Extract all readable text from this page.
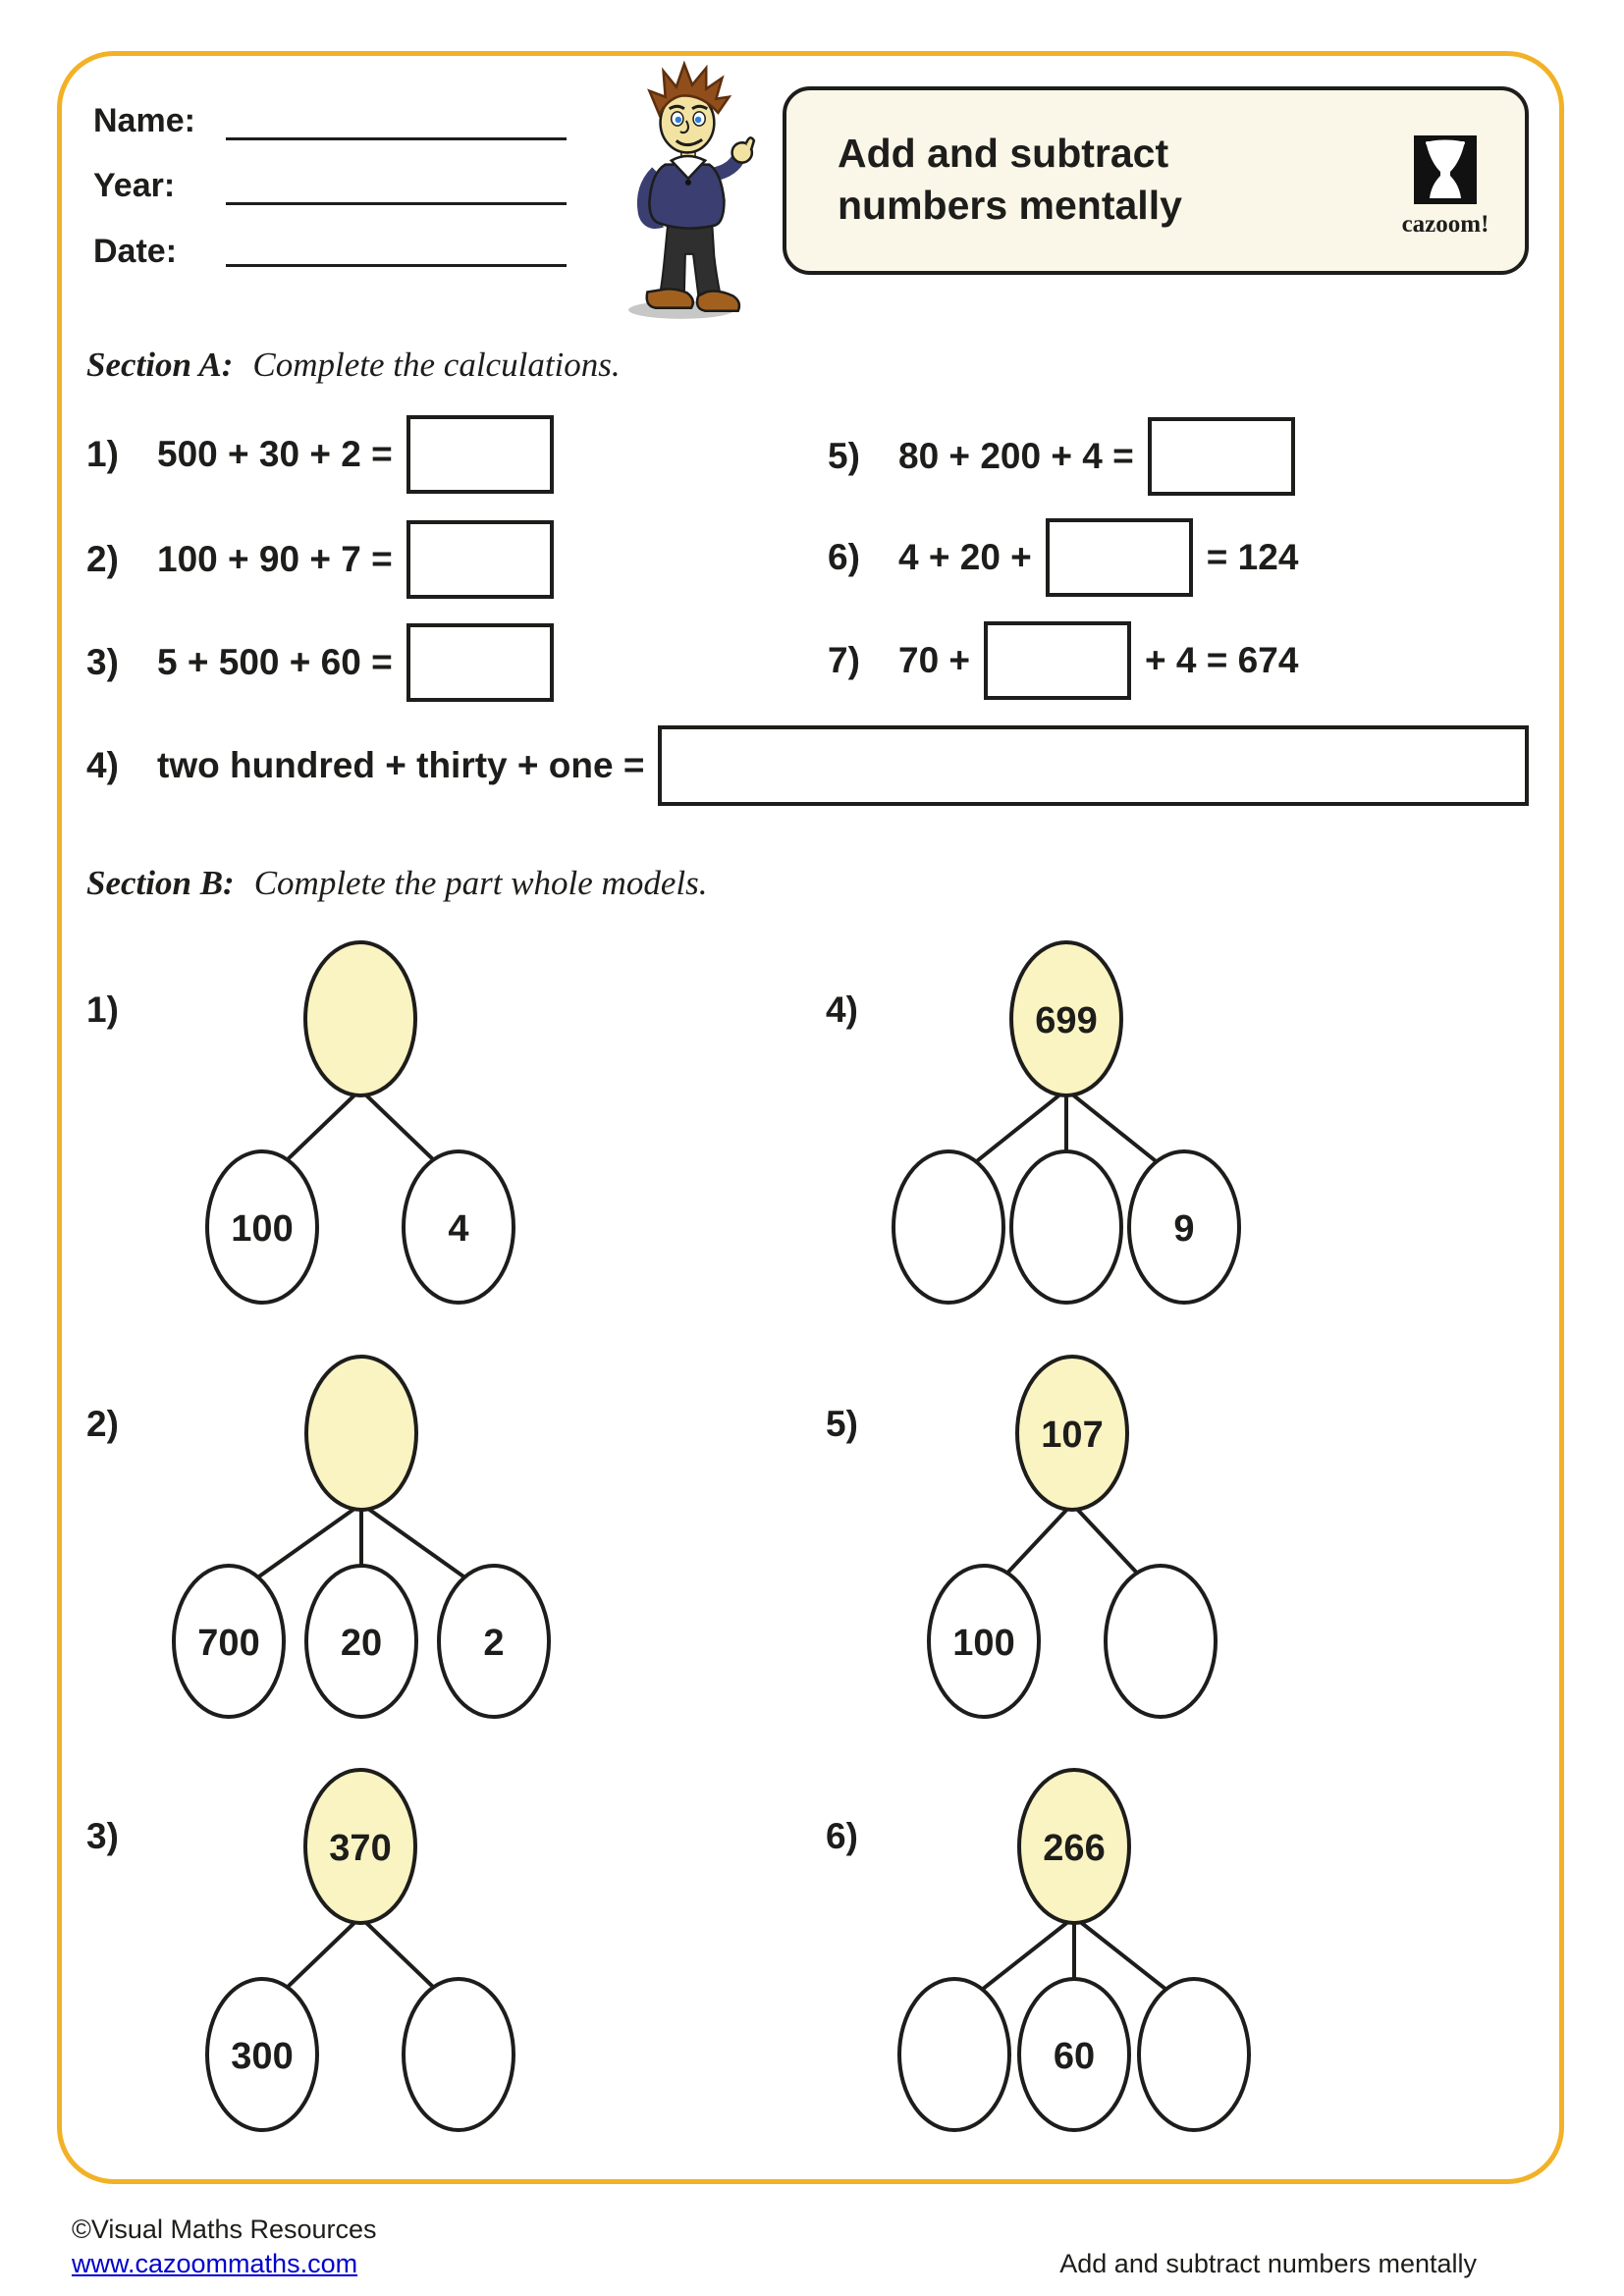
Name:
Year:
Date:
Add and subtract
numbers mentally	cazoom!
Section A: Complete the calculations.
1)	500 + 30 + 2 =
2)	100 + 90 + 7 =
3)	5 + 500 + 60 =
4)	two hundred + thirty + one =
5)	80 + 200 + 4 =
6)	4 + 20 +	= 124
7)	70 +	+ 4 = 674
Section B: Complete the part whole models.
1)
2)
3)
4)
5)
6)
100	4
700 20	2
370
300
699
9
107
100
266
60
©Visual Maths Resources
www.cazoommaths.com	Add and subtract numbers mentally
